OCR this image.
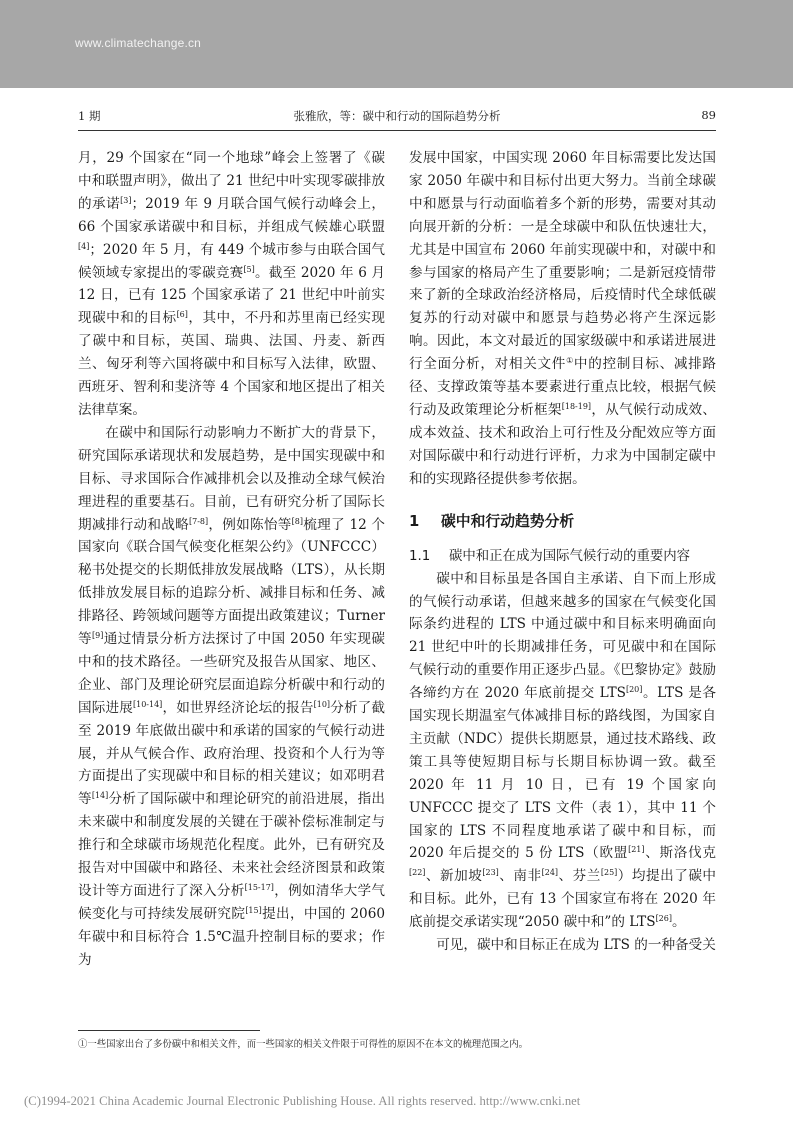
www.climatechange.cn
1 期	张雅欣，等：碳中和行动的国际趋势分析	89

月，29 个国家在“同一个地球”峰会上签署了《碳中和联盟声明》，做出了 21 世纪中叶实现零碳排放的承诺[3]；2019 年 9 月联合国气候行动峰会上，66 个国家承诺碳中和目标，并组成气候雄心联盟[4]；2020 年 5 月，有 449 个城市参与由联合国气候领域专家提出的零碳竞赛[5]。截至 2020 年 6 月 12 日，已有 125 个国家承诺了 21 世纪中叶前实现碳中和的目标[6]，其中，不丹和苏里南已经实现了碳中和目标，英国、瑞典、法国、丹麦、新西兰、匈牙利等六国将碳中和目标写入法律，欧盟、西班牙、智利和斐济等 4 个国家和地区提出了相关法律草案。

在碳中和国际行动影响力不断扩大的背景下，研究国际承诺现状和发展趋势，是中国实现碳中和目标、寻求国际合作减排机会以及推动全球气候治理进程的重要基石。目前，已有研究分析了国际长期减排行动和战略[7-8]，例如陈怡等[8]梳理了 12 个国家向《联合国气候变化框架公约》（UNFCCC）秘书处提交的长期低排放发展战略（LTS），从长期低排放发展目标的追踪分析、减排目标和任务、减排路径、跨领域问题等方面提出政策建议；Turner 等[9]通过情景分析方法探讨了中国 2050 年实现碳中和的技术路径。一些研究及报告从国家、地区、企业、部门及理论研究层面追踪分析碳中和行动的国际进展[10-14]，如世界经济论坛的报告[10]分析了截至 2019 年底做出碳中和承诺的国家的气候行动进展，并从气候合作、政府治理、投资和个人行为等方面提出了实现碳中和目标的相关建议；如邓明君等[14]分析了国际碳中和理论研究的前沿进展，指出未来碳中和制度发展的关键在于碳补偿标准制定与推行和全球碳市场规范化程度。此外，已有研究及报告对中国碳中和路径、未来社会经济图景和政策设计等方面进行了深入分析[15-17]，例如清华大学气候变化与可持续发展研究院[15]提出，中国的 2060 年碳中和目标符合 1.5℃温升控制目标的要求；作为

发展中国家，中国实现 2060 年目标需要比发达国家 2050 年碳中和目标付出更大努力。当前全球碳中和愿景与行动面临着多个新的形势，需要对其动向展开新的分析：一是全球碳中和队伍快速壮大，尤其是中国宣布 2060 年前实现碳中和，对碳中和参与国家的格局产生了重要影响；二是新冠疫情带来了新的全球政治经济格局，后疫情时代全球低碳复苏的行动对碳中和愿景与趋势必将产生深远影响。因此，本文对最近的国家级碳中和承诺进展进行全面分析，对相关文件①中的控制目标、减排路径、支撑政策等基本要素进行重点比较，根据气候行动及政策理论分析框架[18-19]，从气候行动成效、成本效益、技术和政治上可行性及分配效应等方面对国际碳中和行动进行评析，力求为中国制定碳中和的实现路径提供参考依据。

1 碳中和行动趋势分析
1.1 碳中和正在成为国际气候行动的重要内容

碳中和目标虽是各国自主承诺、自下而上形成的气候行动承诺，但越来越多的国家在气候变化国际条约进程的 LTS 中通过碳中和目标来明确面向 21 世纪中叶的长期减排任务，可见碳中和在国际气候行动的重要作用正逐步凸显。《巴黎协定》鼓励各缔约方在 2020 年底前提交 LTS[20]。LTS 是各国实现长期温室气体减排目标的路线图，为国家自主贡献（NDC）提供长期愿景，通过技术路线、政策工具等使短期目标与长期目标协调一致。截至 2020 年 11 月 10 日，已有 19 个国家向 UNFCCC 提交了 LTS 文件（表 1），其中 11 个国家的 LTS 不同程度地承诺了碳中和目标，而 2020 年后提交的 5 份 LTS（欧盟[21]、斯洛伐克[22]、新加坡[23]、南非[24]、芬兰[25]）均提出了碳中和目标。此外，已有 13 个国家宣布将在 2020 年底前提交承诺实现“2050 碳中和”的 LTS[26]。

可见，碳中和目标正在成为 LTS 的一种备受关

①一些国家出台了多份碳中和相关文件，而一些国家的相关文件限于可得性的原因不在本文的梳理范围之内。
(C)1994-2021 China Academic Journal Electronic Publishing House. All rights reserved. http://www.cnki.net
